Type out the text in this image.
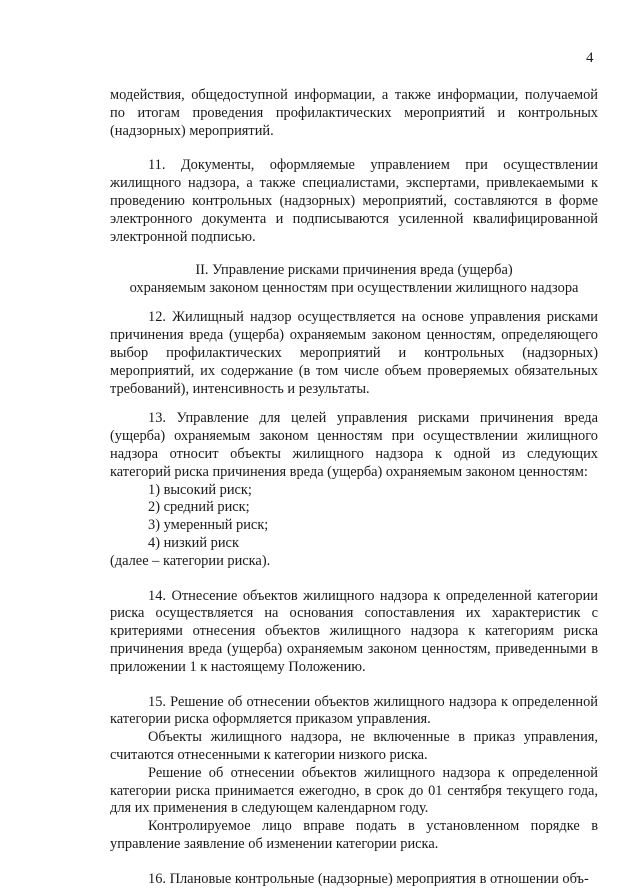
4

модействия, общедоступной информации, а также информации, получаемой по итогам проведения профилактических мероприятий и контрольных (надзорных) мероприятий.

11. Документы, оформляемые управлением при осуществлении жилищного надзора, а также специалистами, экспертами, привлекаемыми к проведению контрольных (надзорных) мероприятий, составляются в форме электронного документа и подписываются усиленной квалифицированной электронной подписью.

II. Управление рисками причинения вреда (ущерба)
охраняемым законом ценностям при осуществлении жилищного надзора

12. Жилищный надзор осуществляется на основе управления рисками причинения вреда (ущерба) охраняемым законом ценностям, определяющего выбор профилактических мероприятий и контрольных (надзорных) мероприятий, их содержание (в том числе объем проверяемых обязательных требований), интенсивность и результаты.

13. Управление для целей управления рисками причинения вреда (ущерба) охраняемым законом ценностям при осуществлении жилищного надзора относит объекты жилищного надзора к одной из следующих категорий риска причинения вреда (ущерба) охраняемым законом ценностям:

1) высокий риск;
2) средний риск;
3) умеренный риск;
4) низкий риск

(далее – категории риска).

14. Отнесение объектов жилищного надзора к определенной категории риска осуществляется на основания сопоставления их характеристик с критериями отнесения объектов жилищного надзора к категориям риска причинения вреда (ущерба) охраняемым законом ценностям, приведенными в приложении 1 к настоящему Положению.

15. Решение об отнесении объектов жилищного надзора к определенной категории риска оформляется приказом управления.

Объекты жилищного надзора, не включенные в приказ управления, считаются отнесенными к категории низкого риска.

Решение об отнесении объектов жилищного надзора к определенной категории риска принимается ежегодно, в срок до 01 сентября текущего года, для их применения в следующем календарном году.

Контролируемое лицо вправе подать в установленном порядке в управление заявление об изменении категории риска.

16. Плановые контрольные (надзорные) мероприятия в отношении объ-
